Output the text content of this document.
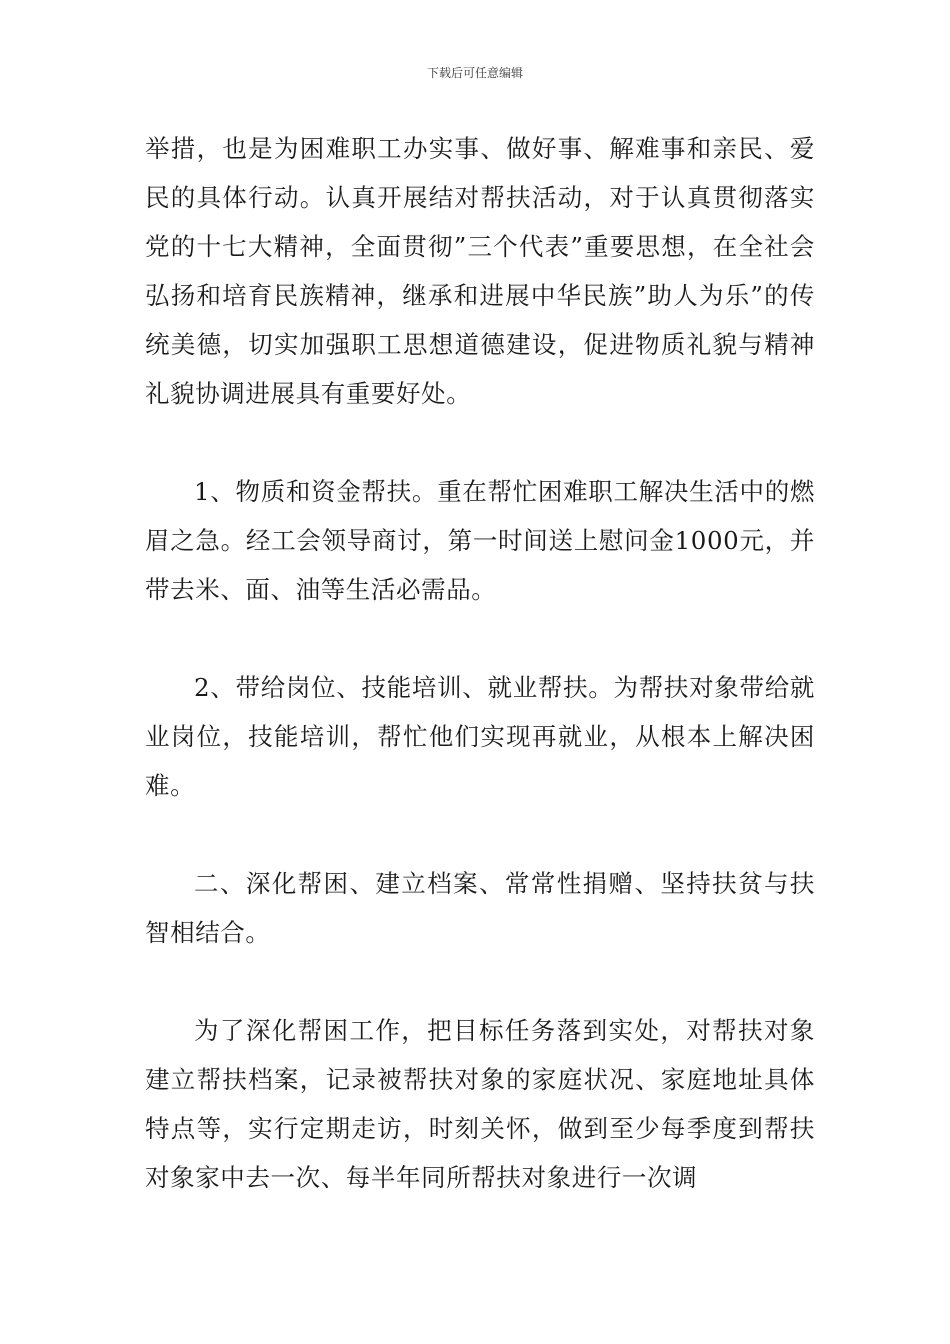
下载后可任意编辑

举措，也是为困难职工办实事、做好事、解难事和亲民、爱民的具体行动。认真开展结对帮扶活动，对于认真贯彻落实党的十七大精神，全面贯彻”三个代表”重要思想，在全社会弘扬和培育民族精神，继承和进展中华民族”助人为乐”的传统美德，切实加强职工思想道德建设，促进物质礼貌与精神礼貌协调进展具有重要好处。

1、物质和资金帮扶。重在帮忙困难职工解决生活中的燃眉之急。经工会领导商讨，第一时间送上慰问金1000元，并带去米、面、油等生活必需品。

2、带给岗位、技能培训、就业帮扶。为帮扶对象带给就业岗位，技能培训，帮忙他们实现再就业，从根本上解决困难。

二、深化帮困、建立档案、常常性捐赠、坚持扶贫与扶智相结合。

为了深化帮困工作，把目标任务落到实处，对帮扶对象建立帮扶档案，记录被帮扶对象的家庭状况、家庭地址具体特点等，实行定期走访，时刻关怀，做到至少每季度到帮扶对象家中去一次、每半年同所帮扶对象进行一次调
